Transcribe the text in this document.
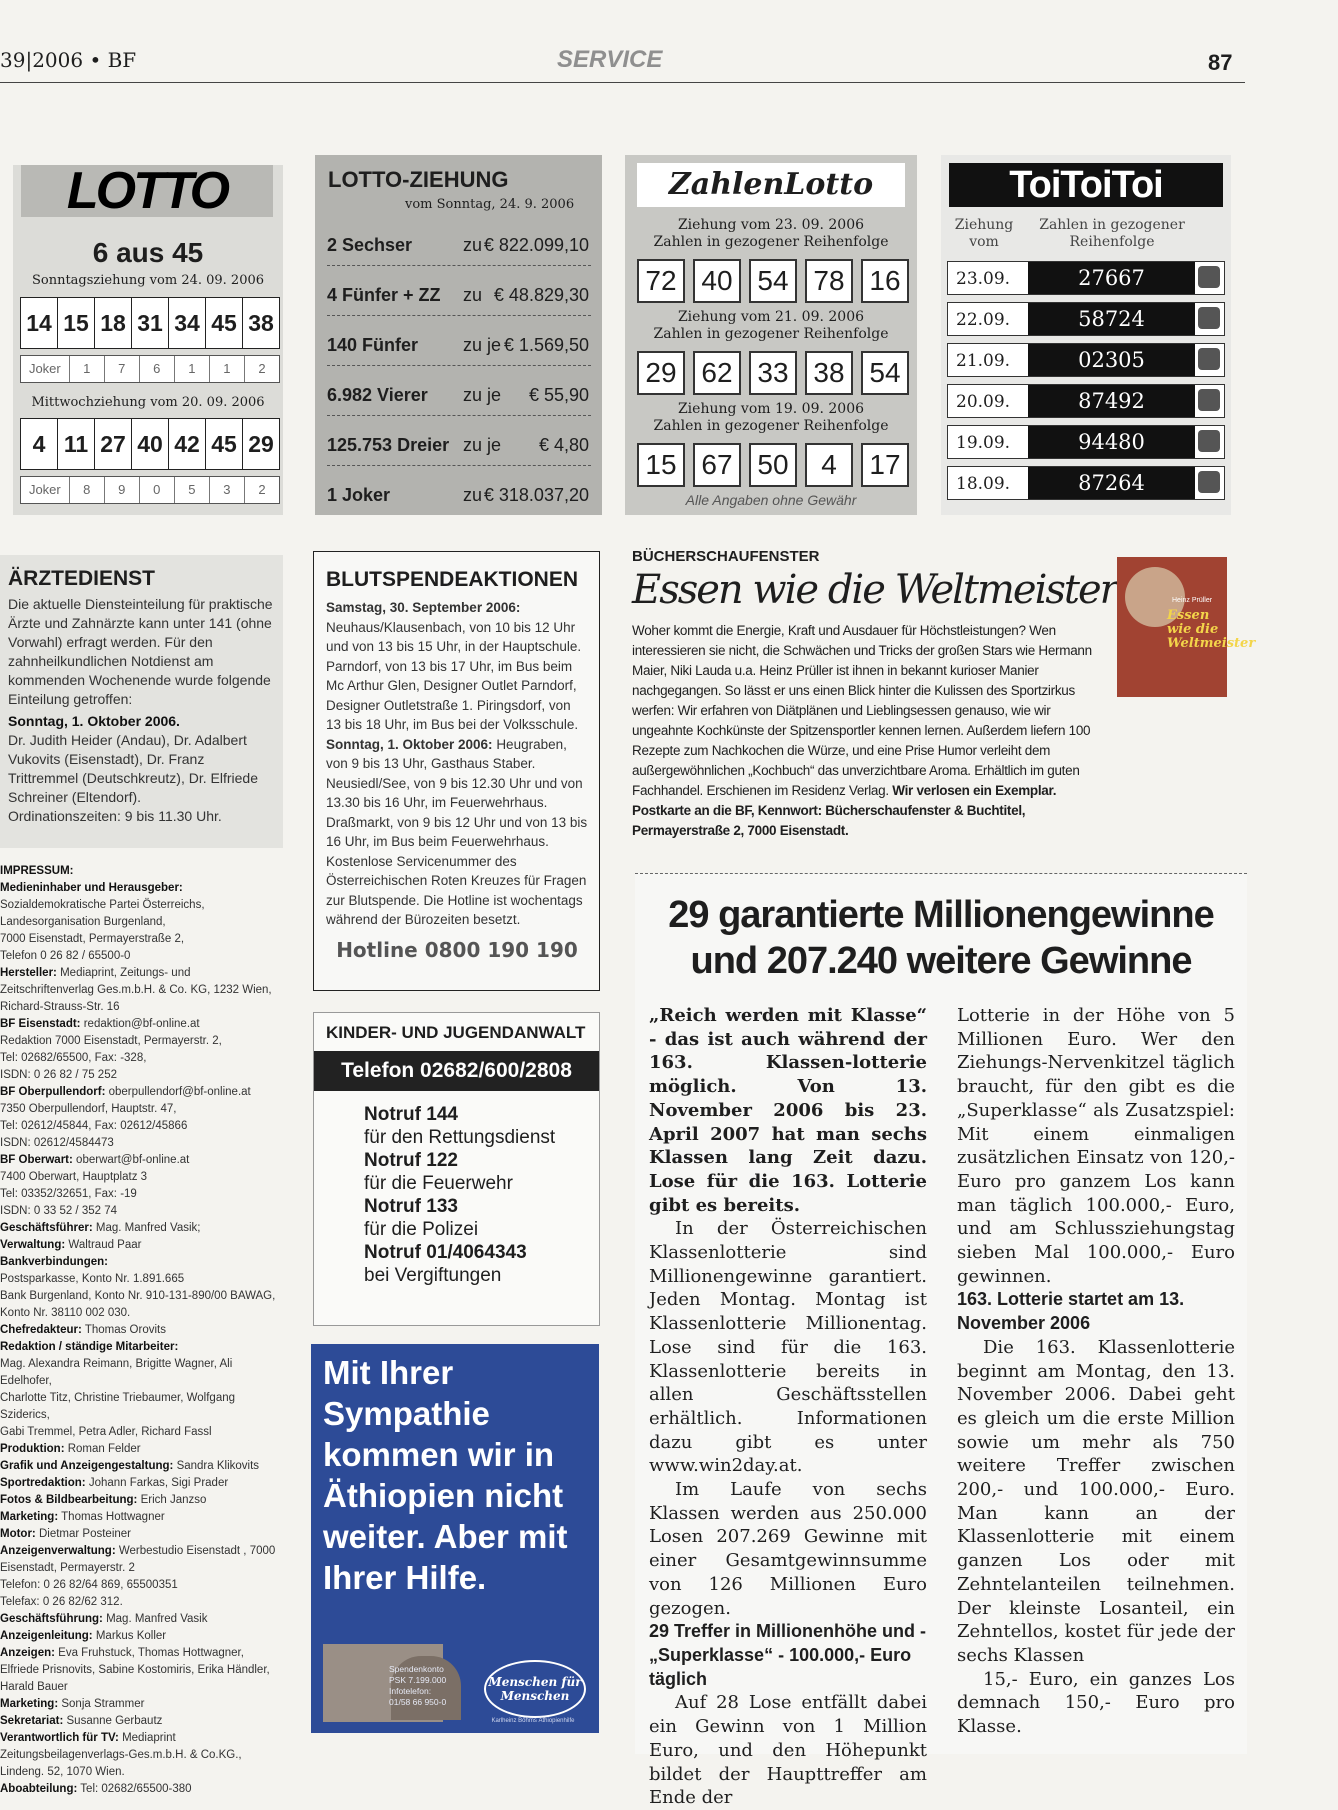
39|2006 • BF	SERVICE	87
LOTTO
6 aus 45
Sonntagsziehung vom 24. 09. 2006
14 15 18 31 34 45 38
Joker	1	7	6	1	1	2
Mittwochziehung vom 20. 09. 2006
4 11 27 40 42 45 29
Joker	8	9	0	5	3	2
LOTTO-ZIEHUNG
vom Sonntag, 24. 9. 2006
2 Sechser	zu € 822.099,10
4 Fünfer + ZZ zu € 48.829,30
140 Fünfer zu je € 1.569,50
6.982 Vierer zu je € 55,90
125.753 Dreier zu je € 4,80
1 Joker	zu € 318.037,20
ZahlenLotto
Ziehung vom 23. 09. 2006
Zahlen in gezogener Reihenfolge
72 40 54 78 16
Ziehung vom 21. 09. 2006
Zahlen in gezogener Reihenfolge
29 62 33 38 54
Ziehung vom 19. 09. 2006
Zahlen in gezogener Reihenfolge
15 67 50	4	17
Alle Angaben ohne Gewähr
ToiToiToi
Ziehung
vom
Zahlen in gezogener
Reihenfolge
23.09.	27667
22.09.	58724
21.09.	02305
20.09.	87492
19.09.	94480
18.09.	87264
ÄRZTEDIENST
Die aktuelle Diensteinteilung für praktische Ärzte und Zahnärzte kann unter 141 (ohne Vorwahl) erfragt werden. Für den zahnheilkundlichen Notdienst am kommenden Wochenende wurde folgende Einteilung getroffen:
Sonntag, 1. Oktober 2006.
Dr. Judith Heider (Andau), Dr. Adalbert Vukovits (Eisenstadt), Dr. Franz Trittremmel (Deutschkreutz), Dr. Elfriede Schreiner (Eltendorf).
Ordinationszeiten: 9 bis 11.30 Uhr.
IMPRESSUM:
Medieninhaber und Herausgeber:
Sozialdemokratische Partei Österreichs,
Landesorganisation Burgenland,
7000 Eisenstadt, Permayerstraße 2,
Telefon 0 26 82 / 65500-0
Hersteller: Mediaprint, Zeitungs- und
Zeitschriftenverlag Ges.m.b.H. & Co. KG, 1232 Wien,
Richard-Strauss-Str. 16
BF Eisenstadt: redaktion@bf-online.at
Redaktion 7000 Eisenstadt, Permayerstr. 2,
Tel: 02682/65500, Fax: -328,
ISDN: 0 26 82 / 75 252
BF Oberpullendorf: oberpullendorf@bf-online.at
7350 Oberpullendorf, Hauptstr. 47,
Tel: 02612/45844, Fax: 02612/45866
ISDN: 02612/4584473
BF Oberwart: oberwart@bf-online.at
7400 Oberwart, Hauptplatz 3
Tel: 03352/32651, Fax: -19
ISDN: 0 33 52 / 352 74
Geschäftsführer: Mag. Manfred Vasik;
Verwaltung: Waltraud Paar
Bankverbindungen:
Postsparkasse, Konto Nr. 1.891.665
Bank Burgenland, Konto Nr. 910-131-890/00 BAWAG,
Konto Nr. 38110 002 030.
Chefredakteur: Thomas Orovits
Redaktion / ständige Mitarbeiter:
Mag. Alexandra Reimann, Brigitte Wagner, Ali Edelhofer,
Charlotte Titz, Christine Triebaumer, Wolfgang Sziderics,
Gabi Tremmel, Petra Adler, Richard Fassl
Produktion: Roman Felder
Grafik und Anzeigengestaltung: Sandra Klikovits
Sportredaktion: Johann Farkas, Sigi Prader
Fotos & Bildbearbeitung: Erich Janzso
Marketing: Thomas Hottwagner
Motor: Dietmar Posteiner
Anzeigenverwaltung: Werbestudio Eisenstadt , 7000
Eisenstadt, Permayerstr. 2
Telefon: 0 26 82/64 869, 65500351
Telefax: 0 26 82/62 312.
Geschäftsführung: Mag. Manfred Vasik
Anzeigenleitung: Markus Koller
Anzeigen: Eva Fruhstuck, Thomas Hottwagner, Elfriede Prisnovits, Sabine Kostomiris, Erika Händler, Harald Bauer
Marketing: Sonja Strammer
Sekretariat: Susanne Gerbautz
Verantwortlich für TV: Mediaprint Zeitungsbeilagenverlags-Ges.m.b.H. & Co.KG., Lindeng. 52, 1070 Wien.
Aboabteilung: Tel: 02682/65500-380
BLUTSPENDEAKTIONEN
Samstag, 30. September 2006: Neuhaus/Klausenbach, von 10 bis 12 Uhr und von 13 bis 15 Uhr, in der Hauptschule. Parndorf, von 13 bis 17 Uhr, im Bus beim Mc Arthur Glen, Designer Outlet Parndorf, Designer Outletstraße 1. Piringsdorf, von 13 bis 18 Uhr, im Bus bei der Volksschule. Sonntag, 1. Oktober 2006: Heugraben, von 9 bis 13 Uhr, Gasthaus Staber. Neusiedl/See, von 9 bis 12.30 Uhr und von 13.30 bis 16 Uhr, im Feuerwehrhaus. Draßmarkt, von 9 bis 12 Uhr und von 13 bis 16 Uhr, im Bus beim Feuerwehrhaus.
Kostenlose Servicenummer des Österreichischen Roten Kreuzes für Fragen zur Blutspende. Die Hotline ist wochentags während der Bürozeiten besetzt.
Hotline 0800 190 190
KINDER- UND JUGENDANWALT
Telefon 02682/600/2808
Notruf 144
für den Rettungsdienst
Notruf 122
für die Feuerwehr
Notruf 133
für die Polizei
Notruf 01/4064343
bei Vergiftungen
Mit Ihrer Sympathie kommen wir in Äthiopien nicht weiter. Aber mit Ihrer Hilfe.
Spendenkonto
PSK 7.199.000
Infotelefon:
01/58 66 950-0
Menschen für Menschen
Karlheinz Böhms Äthiopienhilfe
BÜCHERSCHAUFENSTER
Essen wie die Weltmeister
Woher kommt die Energie, Kraft und Ausdauer für Höchstleistungen? Wen interessieren sie nicht, die Schwächen und Tricks der großen Stars wie Hermann Maier, Niki Lauda u.a. Heinz Prüller ist ihnen in bekannt kurioser Manier nachgegangen. So lässt er uns einen Blick hinter die Kulissen des Sportzirkus werfen: Wir erfahren von Diätplänen und Lieblingsessen genauso, wie wir ungeahnte Kochkünste der Spitzensportler kennen lernen. Außerdem liefern 100 Rezepte zum Nachkochen die Würze, und eine Prise Humor verleiht dem außergewöhnlichen „Kochbuch“ das unverzichtbare Aroma. Erhältlich im guten Fachhandel. Erschienen im Residenz Verlag. Wir verlosen ein Exemplar. Postkarte an die BF, Kennwort: Bücherschaufenster & Buchtitel, Permayerstraße 2, 7000 Eisenstadt.
Heinz Prüller
Essen wie die Weltmeister
29 garantierte Millionengewinne
und 207.240 weitere Gewinne

„Reich werden mit Klasse“ - das ist auch während der 163. Klassen-lotterie möglich. Von 13. November 2006 bis 23. April 2007 hat man sechs Klassen lang Zeit dazu. Lose für die 163. Lotterie gibt es bereits.

In der Österreichischen Klassenlotterie sind Millionengewinne garantiert. Jeden Montag. Montag ist Klassenlotterie Millionentag. Lose sind für die 163. Klassenlotterie bereits in allen Geschäftsstellen erhältlich. Informationen dazu gibt es unter www.win2day.at.

Im Laufe von sechs Klassen werden aus 250.000 Losen 207.269 Gewinne mit einer Gesamtgewinnsumme von 126 Millionen Euro gezogen.

29 Treffer in Millionenhöhe und - „Superklasse“ - 100.000,- Euro täglich

Auf 28 Lose entfällt dabei ein Gewinn von 1 Million Euro, und den Höhepunkt bildet der Haupttreffer am Ende der

Lotterie in der Höhe von 5 Millionen Euro. Wer den Ziehungs-Nervenkitzel täglich braucht, für den gibt es die „Superklasse“ als Zusatzspiel: Mit einem einmaligen zusätzlichen Einsatz von 120,- Euro pro ganzem Los kann man täglich 100.000,- Euro, und am Schlussziehungstag sieben Mal 100.000,- Euro gewinnen.

163. Lotterie startet am 13. November 2006

Die 163. Klassenlotterie beginnt am Montag, den 13. November 2006. Dabei geht es gleich um die erste Million sowie um mehr als 750 weitere Treffer zwischen 200,- und 100.000,- Euro. Man kann an der Klassenlotterie mit einem ganzen Los oder mit Zehntelanteilen teilnehmen. Der kleinste Losanteil, ein Zehntellos, kostet für jede der sechs Klassen

15,- Euro, ein ganzes Los demnach 150,- Euro pro Klasse.
